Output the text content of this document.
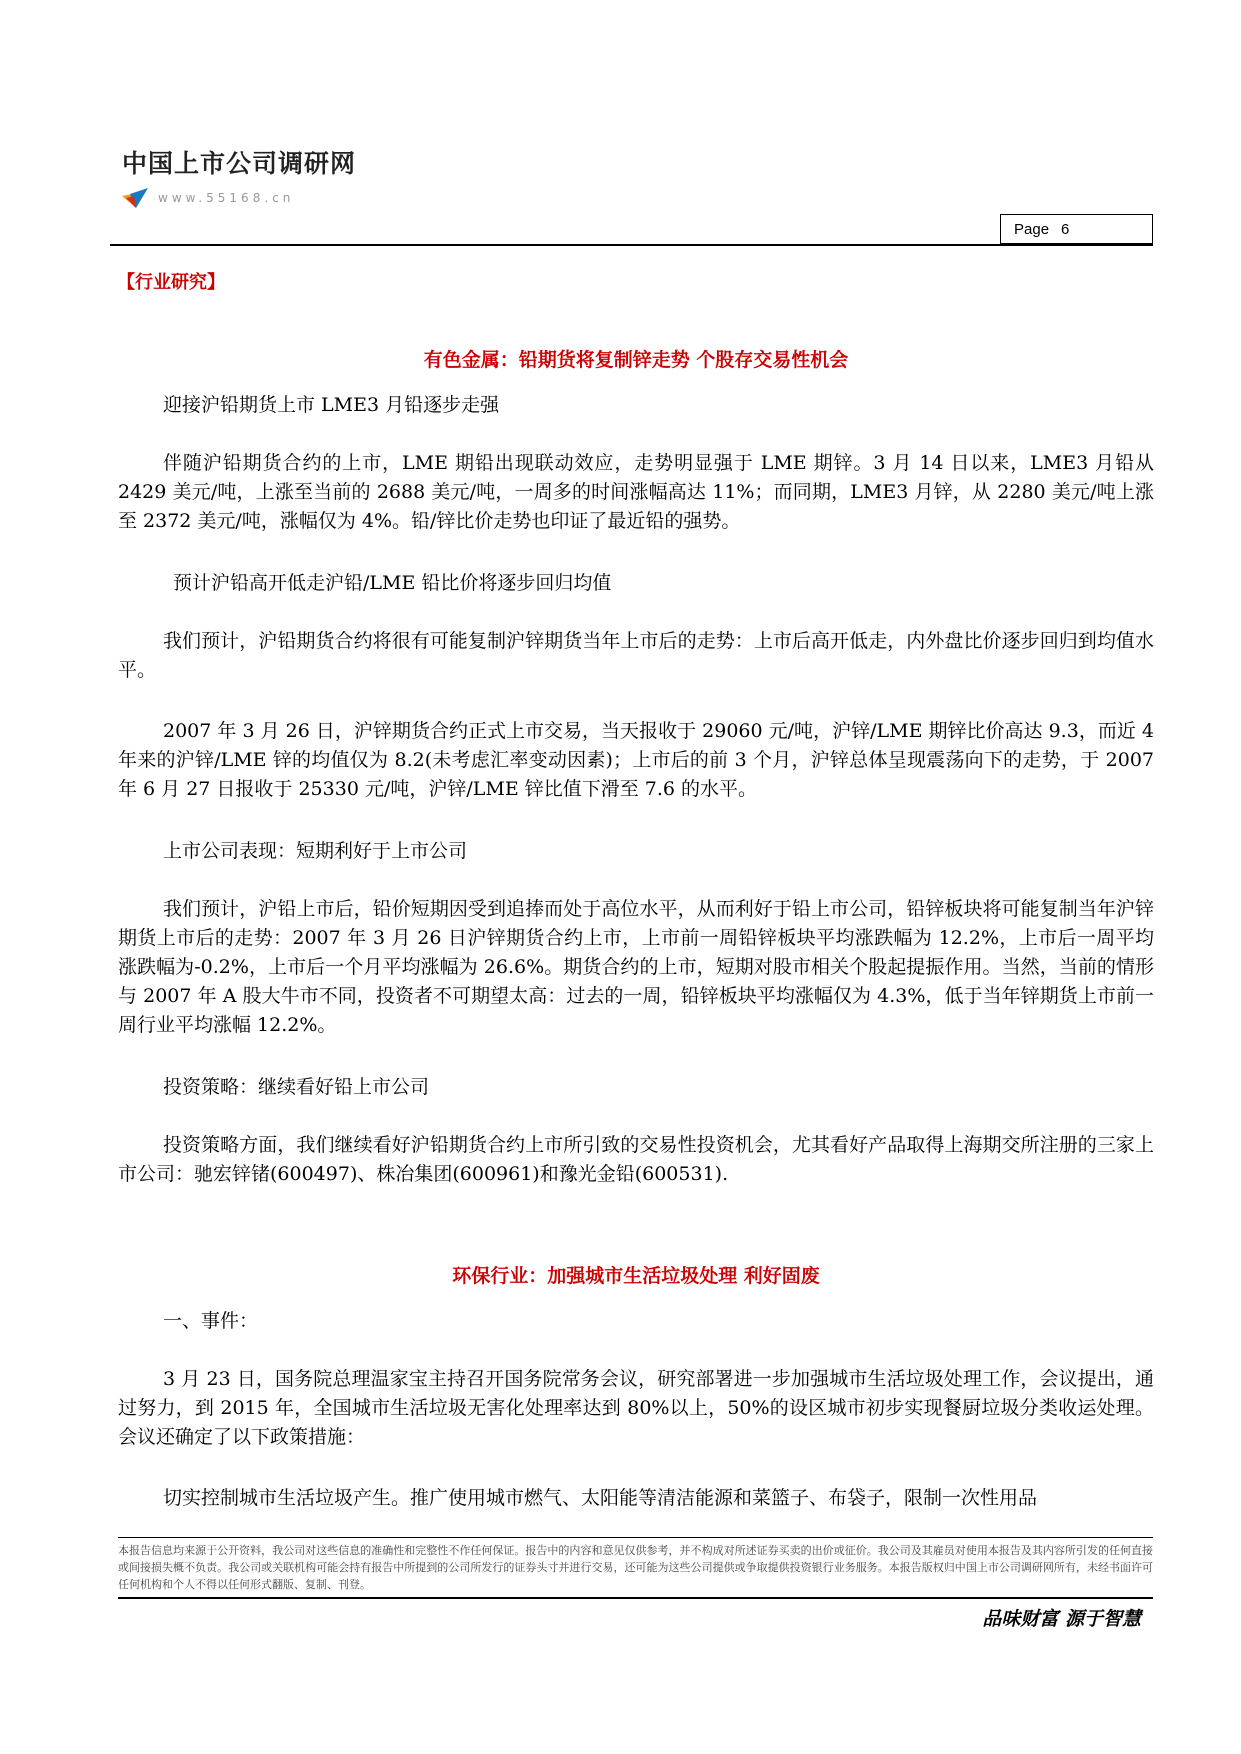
中国上市公司调研网
www.55168.cn
Page 6
【行业研究】
有色金属：铅期货将复制锌走势 个股存交易性机会

迎接沪铅期货上市 LME3 月铅逐步走强

伴随沪铅期货合约的上市，LME 期铅出现联动效应，走势明显强于 LME 期锌。3 月 14 日以来，LME3 月铅从 2429 美元/吨，上涨至当前的 2688 美元/吨，一周多的时间涨幅高达 11%；而同期，LME3 月锌，从 2280 美元/吨上涨至 2372 美元/吨，涨幅仅为 4%。铅/锌比价走势也印证了最近铅的强势。

预计沪铅高开低走沪铅/LME 铅比价将逐步回归均值

我们预计，沪铅期货合约将很有可能复制沪锌期货当年上市后的走势：上市后高开低走，内外盘比价逐步回归到均值水平。

2007 年 3 月 26 日，沪锌期货合约正式上市交易，当天报收于 29060 元/吨，沪锌/LME 期锌比价高达 9.3，而近 4 年来的沪锌/LME 锌的均值仅为 8.2(未考虑汇率变动因素)；上市后的前 3 个月，沪锌总体呈现震荡向下的走势，于 2007 年 6 月 27 日报收于 25330 元/吨，沪锌/LME 锌比值下滑至 7.6 的水平。

上市公司表现：短期利好于上市公司

我们预计，沪铅上市后，铅价短期因受到追捧而处于高位水平，从而利好于铅上市公司，铅锌板块将可能复制当年沪锌期货上市后的走势：2007 年 3 月 26 日沪锌期货合约上市，上市前一周铅锌板块平均涨跌幅为 12.2%，上市后一周平均涨跌幅为-0.2%，上市后一个月平均涨幅为 26.6%。期货合约的上市，短期对股市相关个股起提振作用。当然，当前的情形与 2007 年 A 股大牛市不同，投资者不可期望太高：过去的一周，铅锌板块平均涨幅仅为 4.3%，低于当年锌期货上市前一周行业平均涨幅 12.2%。

投资策略：继续看好铅上市公司

投资策略方面，我们继续看好沪铅期货合约上市所引致的交易性投资机会，尤其看好产品取得上海期交所注册的三家上市公司：驰宏锌锗(600497)、株冶集团(600961)和豫光金铅(600531).

环保行业：加强城市生活垃圾处理 利好固废

一、事件：

3 月 23 日，国务院总理温家宝主持召开国务院常务会议，研究部署进一步加强城市生活垃圾处理工作，会议提出，通过努力，到 2015 年，全国城市生活垃圾无害化处理率达到 80%以上，50%的设区城市初步实现餐厨垃圾分类收运处理。会议还确定了以下政策措施：

切实控制城市生活垃圾产生。推广使用城市燃气、太阳能等清洁能源和菜篮子、布袋子，限制一次性用品

本报告信息均来源于公开资料，我公司对这些信息的准确性和完整性不作任何保证。报告中的内容和意见仅供参考，并不构成对所述证券买卖的出价或征价。我公司及其雇员对使用本报告及其内容所引发的任何直接或间接损失概不负责。我公司或关联机构可能会持有报告中所提到的公司所发行的证券头寸并进行交易，还可能为这些公司提供或争取提供投资银行业务服务。本报告版权归中国上市公司调研网所有，未经书面许可任何机构和个人不得以任何形式翻版、复制、刊登。
品味财富 源于智慧
